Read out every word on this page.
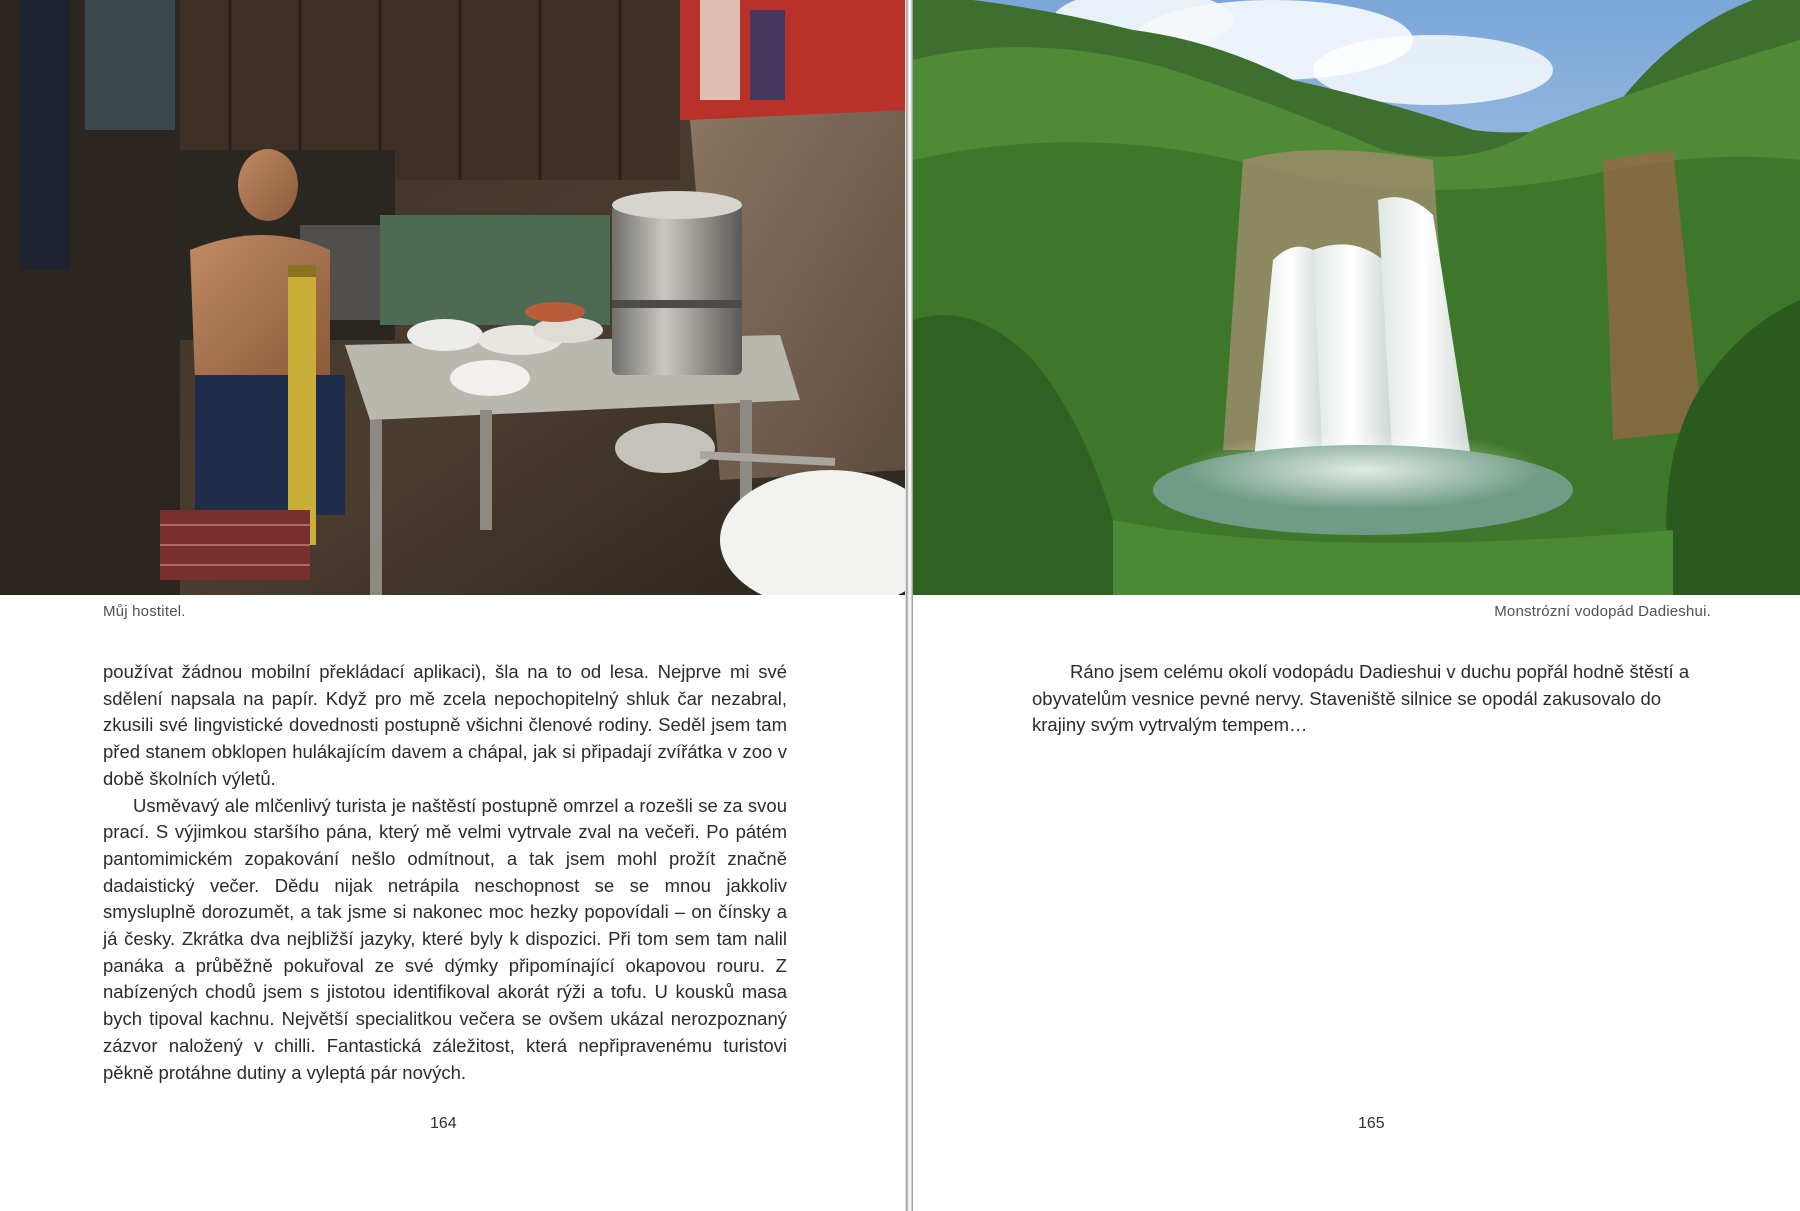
Můj hostitel.

používat žádnou mobilní překládací aplikaci), šla na to od lesa. Nejprve mi své sdělení napsala na papír. Když pro mě zcela nepochopitelný shluk čar nezabral, zkusili své lingvistické dovednosti postupně všichni členové rodiny. Seděl jsem tam před stanem obklopen hulákajícím davem a chápal, jak si připadají zvířátka v zoo v době školních výletů.

Usměvavý ale mlčenlivý turista je naštěstí postupně omrzel a rozešli se za svou prací. S výjimkou staršího pána, který mě velmi vytrvale zval na večeři. Po pátém pantomimickém zopakování nešlo odmítnout, a tak jsem mohl prožít značně dadaistický večer. Dědu nijak netrápila neschopnost se se mnou jakkoliv smysluplně dorozumět, a tak jsme si nakonec moc hezky popovídali – on čínsky a já česky. Zkrátka dva nejbližší jazyky, které byly k dispozici. Při tom sem tam nalil panáka a průběžně pokuřoval ze své dýmky připomínající okapovou rouru. Z nabízených chodů jsem s jistotou identifikoval akorát rýži a tofu. U kousků masa bych tipoval kachnu. Největší specialitkou večera se ovšem ukázal nerozpoznaný zázvor naložený v chilli. Fantastická záležitost, která nepřipravenému turistovi pěkně protáhne dutiny a vyleptá pár nových.

164
Monstrózní vodopád Dadieshui.

Ráno jsem celému okolí vodopádu Dadieshui v duchu popřál hodně štěstí a obyvatelům vesnice pevné nervy. Staveniště silnice se opodál zakusovalo do krajiny svým vytrvalým tempem…

165
